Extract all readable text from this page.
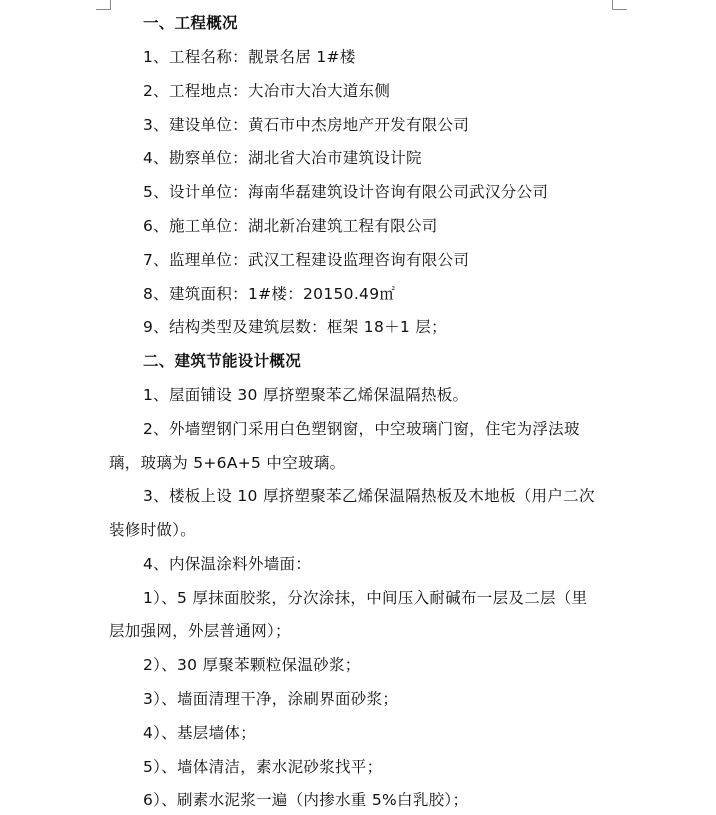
一、工程概况
1、工程名称：靓景名居 1#楼
2、工程地点：大冶市大冶大道东侧
3、建设单位：黄石市中杰房地产开发有限公司
4、勘察单位：湖北省大冶市建筑设计院
5、设计单位：海南华磊建筑设计咨询有限公司武汉分公司
6、施工单位：湖北新冶建筑工程有限公司
7、监理单位：武汉工程建设监理咨询有限公司
8、建筑面积：1#楼：20150.49㎡
9、结构类型及建筑层数：框架 18＋1 层；
二、建筑节能设计概况
1、屋面铺设 30 厚挤塑聚苯乙烯保温隔热板。
2、外墙塑钢门采用白色塑钢窗，中空玻璃门窗，住宅为浮法玻
璃，玻璃为 5+6A+5 中空玻璃。
3、楼板上设 10 厚挤塑聚苯乙烯保温隔热板及木地板（用户二次
装修时做）。
4、内保温涂料外墙面：
1）、5 厚抹面胶浆，分次涂抹，中间压入耐碱布一层及二层（里
层加强网，外层普通网）；
2）、30 厚聚苯颗粒保温砂浆；
3）、墙面清理干净，涂刷界面砂浆；
4）、基层墙体；
5）、墙体清洁，素水泥砂浆找平；
6）、刷素水泥浆一遍（内掺水重 5%白乳胶）；
